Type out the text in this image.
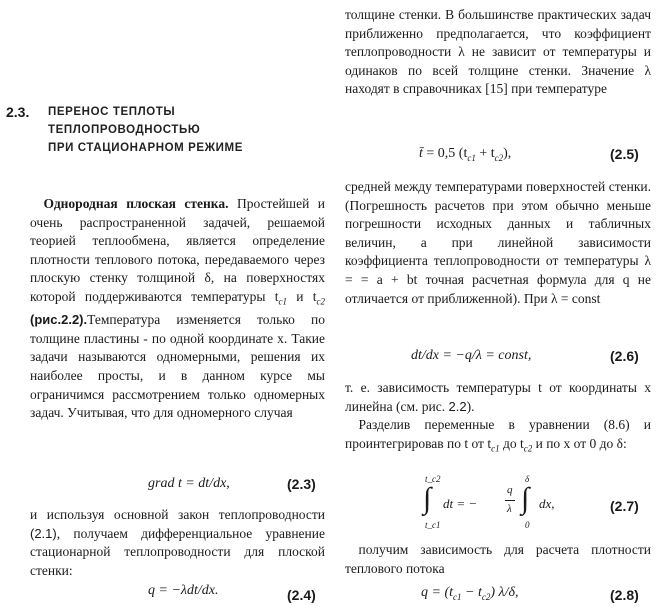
2.3. ПЕРЕНОС ТЕПЛОТЫ
ТЕПЛОПРОВОДНОСТЬЮ
ПРИ СТАЦИОНАРНОМ РЕЖИМЕ

 Однородная плоская стенка. Простейшей и очень распространенной задачей, решаемой теорией теплообмена, является определение плотности теплового потока, передаваемого через плоскую стенку толщиной δ, на поверхностях которой поддерживаются температуры $t_{c1}$ и $t_{c2}$ (рис.2.2).Температура изменяется только по толщине пластины - по одной координате x. Такие задачи называются одномерными, решения их наиболее просты, и в данном курсе мы ограничимся рассмотрением только одномерных задач. Учитывая, что для одномерного случая

grad t = dt/dx,	(2.3)

и используя основной закон теплопроводности (2.1), получаем дифференциальное уравнение стационарной теплопроводности для плоской стенки:

q = −λdt/dx.	(2.4)

толщине стенки. В большинстве практических задач приближенно предполагается, что коэффициент теплопроводности λ не зависит от температуры и одинаков по всей толщине стенки. Значение λ находят в справочниках [15] при температуре

t̄ = 0,5 $(t_{c1} + t_{c2})$,	(2.5)

средней между температурами поверхностей стенки. (Погрешность расчетов при этом обычно меньше погрешности исходных данных и табличных величин, а при линейной зависимости коэффициента теплопроводности от температуры λ = = a + bt точная расчетная формула для q не отличается от приближенной). При λ = const

dt/dx = −q/λ = const,	(2.6)

т. е. зависимость температуры t от координаты x линейна (см. рис. 2.2).

 Разделив переменные в уравнении (8.6) и проинтегрировав по t от $t_{c1}$ до $t_{c2}$ и по x от 0 до δ:

t_c2
∫
t_c1
dt = −
q
λ
δ
∫
0
dx,	(2.7)

 получим зависимость для расчета плотности теплового потока

$q = (t_{c1} - t_{c2})$ λ/δ,	(2.8)
